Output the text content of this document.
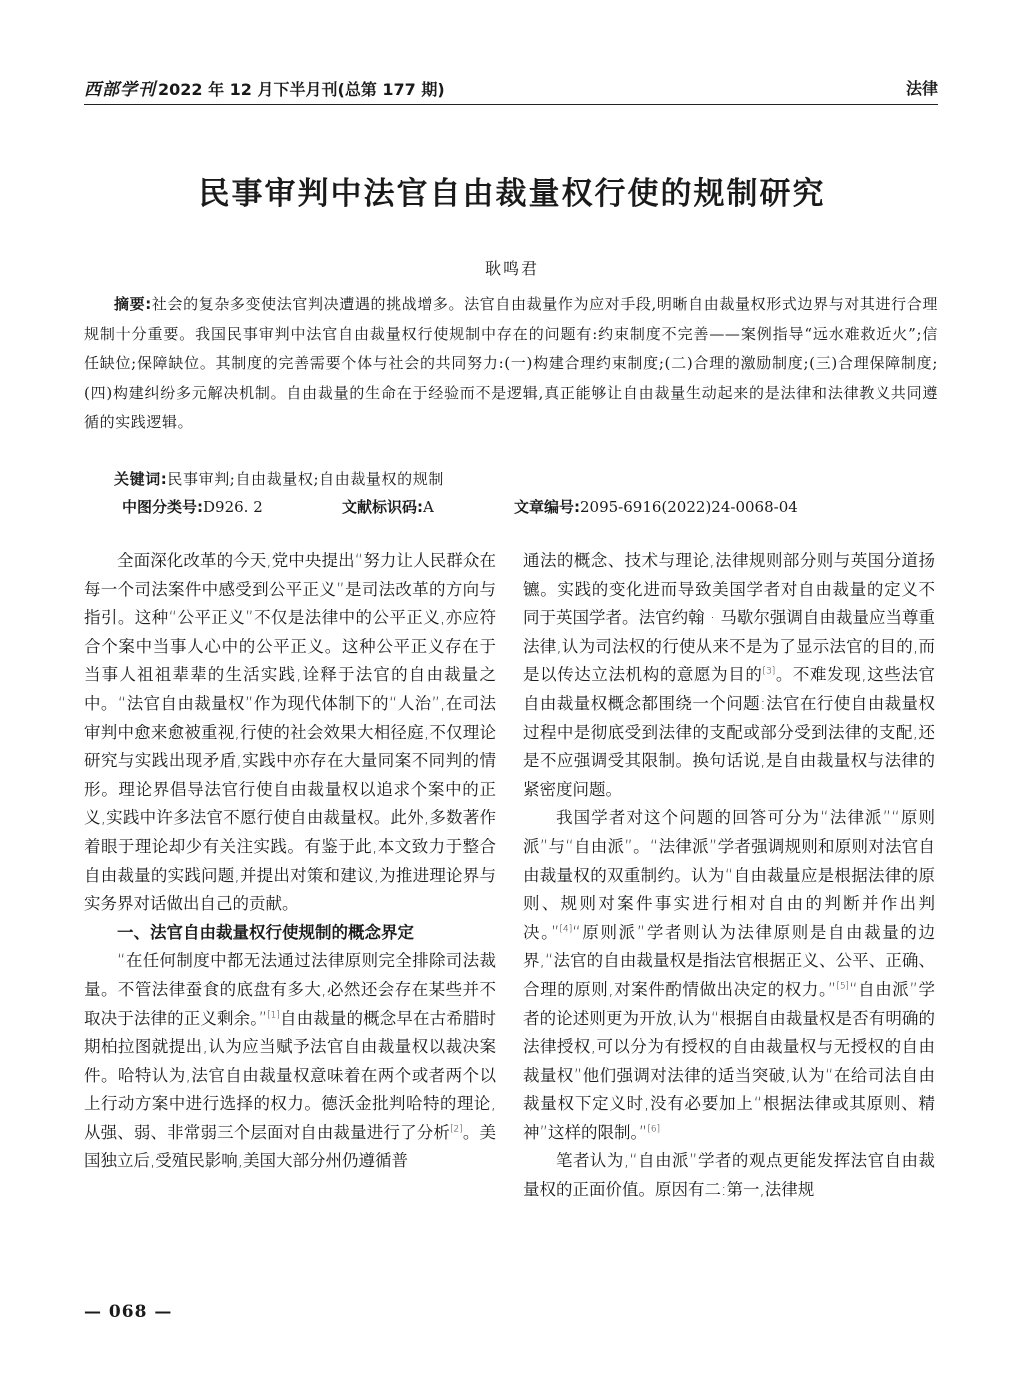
西部学刊 2022 年 12 月下半月刊(总第 177 期)	法律
民事审判中法官自由裁量权行使的规制研究
耿鸣君
摘要:社会的复杂多变使法官判决遭遇的挑战增多。法官自由裁量作为应对手段,明晰自由裁量权形式边界与对其进行合理规制十分重要。我国民事审判中法官自由裁量权行使规制中存在的问题有:约束制度不完善——案例指导“远水难救近火”;信任缺位;保障缺位。其制度的完善需要个体与社会的共同努力:(一)构建合理约束制度;(二)合理的激励制度;(三)合理保障制度;(四)构建纠纷多元解决机制。自由裁量的生命在于经验而不是逻辑,真正能够让自由裁量生动起来的是法律和法律教义共同遵循的实践逻辑。
关键词:民事审判;自由裁量权;自由裁量权的规制
中图分类号:D926. 2	文献标识码:A	文章编号:2095-6916(2022)24-0068-04

全面深化改革的今天,党中央提出“努力让人民群众在每一个司法案件中感受到公平正义”是司法改革的方向与指引。这种“公平正义”不仅是法律中的公平正义,亦应符合个案中当事人心中的公平正义。这种公平正义存在于当事人祖祖辈辈的生活实践,诠释于法官的自由裁量之中。“法官自由裁量权”作为现代体制下的“人治”,在司法审判中愈来愈被重视,行使的社会效果大相径庭,不仅理论研究与实践出现矛盾,实践中亦存在大量同案不同判的情形。理论界倡导法官行使自由裁量权以追求个案中的正义,实践中许多法官不愿行使自由裁量权。此外,多数著作着眼于理论却少有关注实践。有鉴于此,本文致力于整合自由裁量的实践问题,并提出对策和建议,为推进理论界与实务界对话做出自己的贡献。

一、法官自由裁量权行使规制的概念界定

“在任何制度中都无法通过法律原则完全排除司法裁量。不管法律蚕食的底盘有多大,必然还会存在某些并不取决于法律的正义剩余。”[1]自由裁量的概念早在古希腊时期柏拉图就提出,认为应当赋予法官自由裁量权以裁决案件。哈特认为,法官自由裁量权意味着在两个或者两个以上行动方案中进行选择的权力。德沃金批判哈特的理论,从强、弱、非常弱三个层面对自由裁量进行了分析[2]。美国独立后,受殖民影响,美国大部分州仍遵循普

通法的概念、技术与理论,法律规则部分则与英国分道扬镳。实践的变化进而导致美国学者对自由裁量的定义不同于英国学者。法官约翰 · 马歇尔强调自由裁量应当尊重法律,认为司法权的行使从来不是为了显示法官的目的,而是以传达立法机构的意愿为目的[3]。不难发现,这些法官自由裁量权概念都围绕一个问题:法官在行使自由裁量权过程中是彻底受到法律的支配或部分受到法律的支配,还是不应强调受其限制。换句话说,是自由裁量权与法律的紧密度问题。

我国学者对这个问题的回答可分为“法律派”“原则派”与“自由派”。“法律派”学者强调规则和原则对法官自由裁量权的双重制约。认为“自由裁量应是根据法律的原则、规则对案件事实进行相对自由的判断并作出判决。”[4]“原则派”学者则认为法律原则是自由裁量的边界,“法官的自由裁量权是指法官根据正义、公平、正确、合理的原则,对案件酌情做出决定的权力。”[5]“自由派”学者的论述则更为开放,认为“根据自由裁量权是否有明确的法律授权,可以分为有授权的自由裁量权与无授权的自由裁量权”他们强调对法律的适当突破,认为“在给司法自由裁量权下定义时,没有必要加上“根据法律或其原则、精神”这样的限制。”[6]

笔者认为,“自由派”学者的观点更能发挥法官自由裁量权的正面价值。原因有二:第一,法律规

— 068 —
